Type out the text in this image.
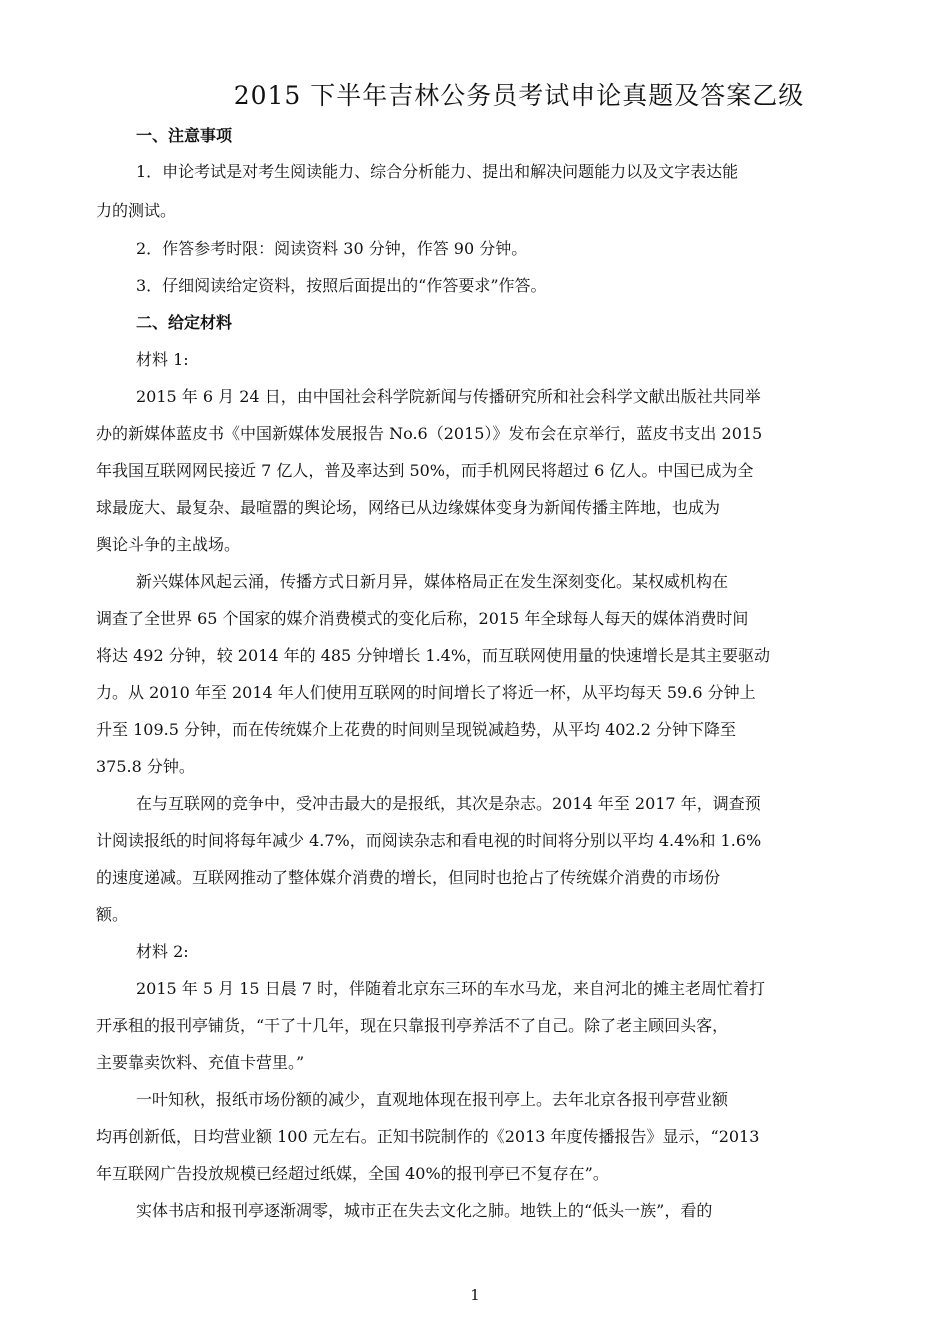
2015 下半年吉林公务员考试申论真题及答案乙级
一、注意事项
1．申论考试是对考生阅读能力、综合分析能力、提出和解决问题能力以及文字表达能
力的测试。
2．作答参考时限：阅读资料 30 分钟，作答 90 分钟。
3．仔细阅读给定资料，按照后面提出的“作答要求”作答。
二、给定材料
材料 1:
2015 年 6 月 24 日，由中国社会科学院新闻与传播研究所和社会科学文献出版社共同举
办的新媒体蓝皮书《中国新媒体发展报告 No.6（2015）》发布会在京举行，蓝皮书支出 2015
年我国互联网网民接近 7 亿人，普及率达到 50%，而手机网民将超过 6 亿人。中国已成为全
球最庞大、最复杂、最喧嚣的舆论场，网络已从边缘媒体变身为新闻传播主阵地，也成为
舆论斗争的主战场。
新兴媒体风起云涌，传播方式日新月异，媒体格局正在发生深刻变化。某权威机构在
调查了全世界 65 个国家的媒介消费模式的变化后称，2015 年全球每人每天的媒体消费时间
将达 492 分钟，较 2014 年的 485 分钟增长 1.4%，而互联网使用量的快速增长是其主要驱动
力。从 2010 年至 2014 年人们使用互联网的时间增长了将近一杯，从平均每天 59.6 分钟上
升至 109.5 分钟，而在传统媒介上花费的时间则呈现锐减趋势，从平均 402.2 分钟下降至
375.8 分钟。
在与互联网的竞争中，受冲击最大的是报纸，其次是杂志。2014 年至 2017 年，调查预
计阅读报纸的时间将每年减少 4.7%，而阅读杂志和看电视的时间将分别以平均 4.4%和 1.6%
的速度递减。互联网推动了整体媒介消费的增长，但同时也抢占了传统媒介消费的市场份
额。
材料 2:
2015 年 5 月 15 日晨 7 时，伴随着北京东三环的车水马龙，来自河北的摊主老周忙着打
开承租的报刊亭铺货，“干了十几年，现在只靠报刊亭养活不了自己。除了老主顾回头客，
主要靠卖饮料、充值卡营里。”
一叶知秋，报纸市场份额的减少，直观地体现在报刊亭上。去年北京各报刊亭营业额
均再创新低，日均营业额 100 元左右。正知书院制作的《2013 年度传播报告》显示，“2013
年互联网广告投放规模已经超过纸媒，全国 40%的报刊亭已不复存在”。
实体书店和报刊亭逐渐凋零，城市正在失去文化之肺。地铁上的“低头一族”，看的
1
